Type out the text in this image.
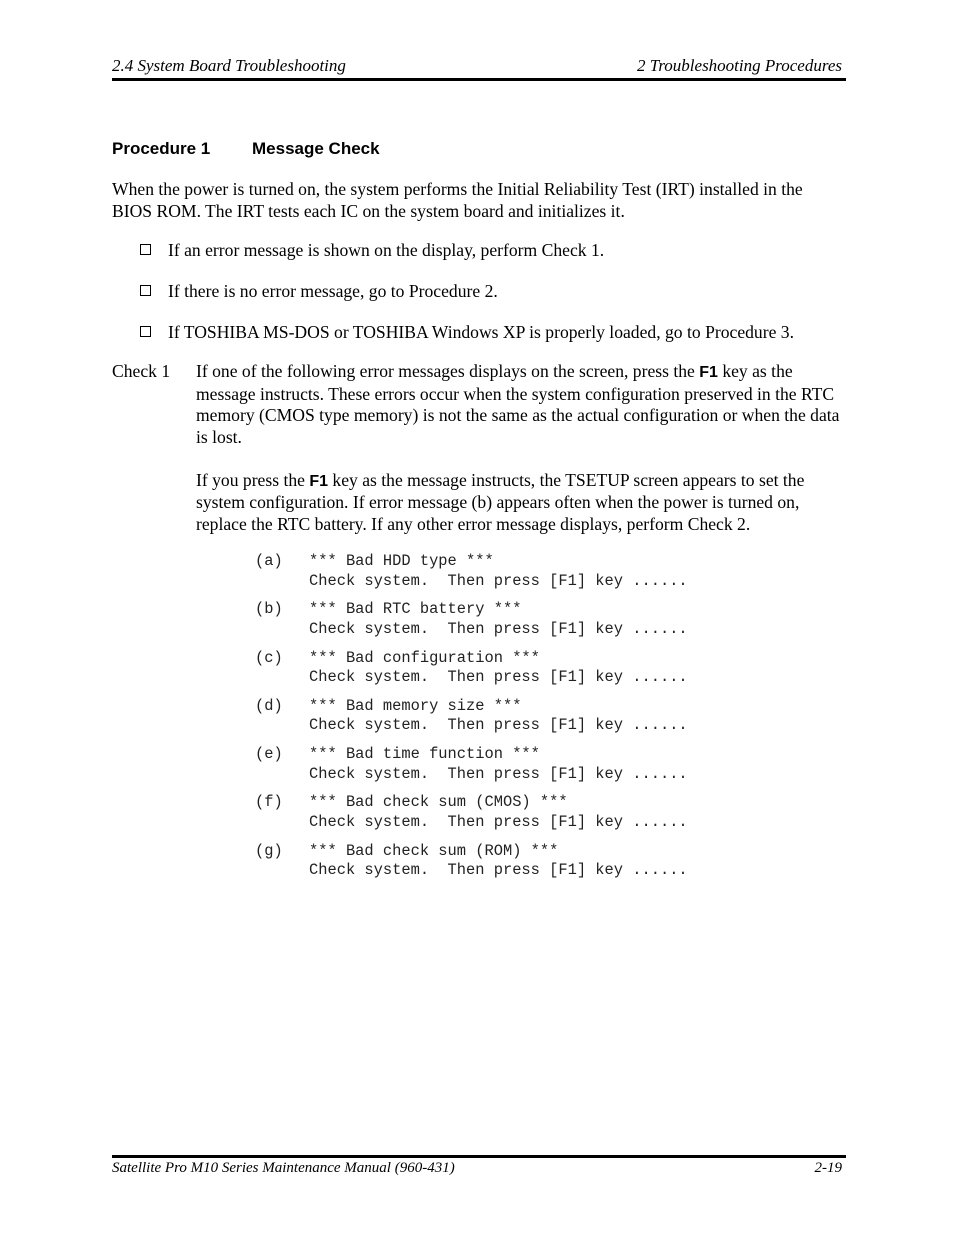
2.4 System Board Troubleshooting	2 Troubleshooting Procedures
Procedure 1 Message Check
When the power is turned on, the system performs the Initial Reliability Test (IRT) installed in the BIOS ROM. The IRT tests each IC on the system board and initializes it.
If an error message is shown on the display, perform Check 1.
If there is no error message, go to Procedure 2.
If TOSHIBA MS-DOS or TOSHIBA Windows XP is properly loaded, go to Procedure 3.
Check 1 If one of the following error messages displays on the screen, press the F1 key as the message instructs. These errors occur when the system configuration preserved in the RTC memory (CMOS type memory) is not the same as the actual configuration or when the data is lost.

If you press the F1 key as the message instructs, the TSETUP screen appears to set the system configuration. If error message (b) appears often when the power is turned on, replace the RTC battery. If any other error message displays, perform Check 2.

(a) *** Bad HDD type ***
Check system.  Then press [F1] key ......
(b) *** Bad RTC battery ***
Check system.  Then press [F1] key ......
(c) *** Bad configuration ***
Check system.  Then press [F1] key ......
(d) *** Bad memory size ***
Check system.  Then press [F1] key ......
(e) *** Bad time function ***
Check system.  Then press [F1] key ......
(f) *** Bad check sum (CMOS) ***
Check system.  Then press [F1] key ......
(g) *** Bad check sum (ROM) ***
Check system.  Then press [F1] key ......
Satellite Pro M10 Series Maintenance Manual (960-431)	2-19
